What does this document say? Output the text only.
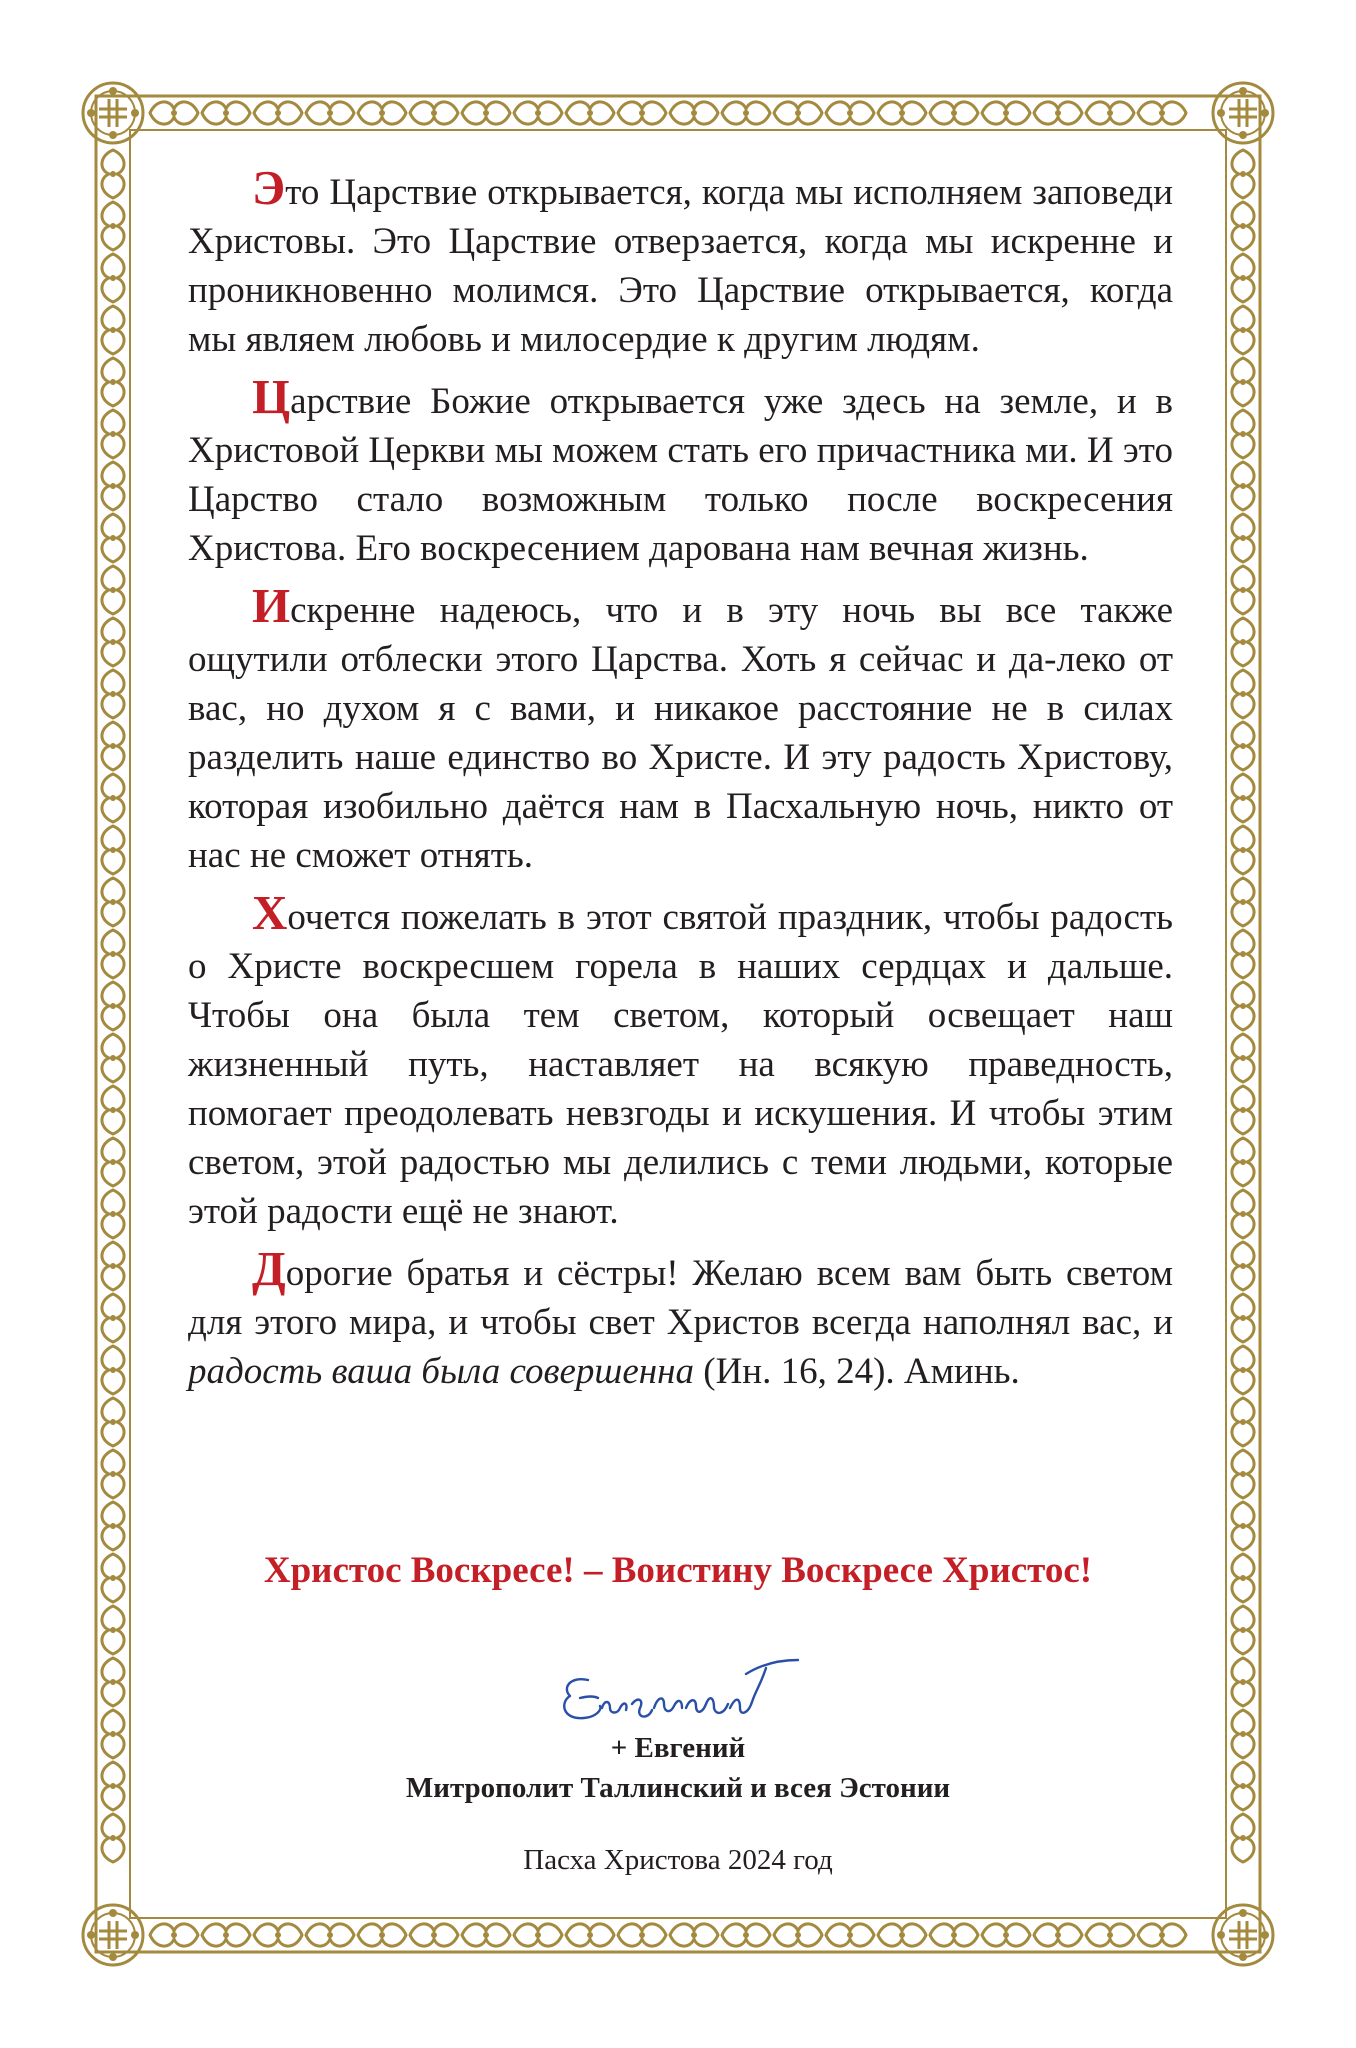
Это Царствие открывается, когда мы исполняем заповеди Христовы. Это Царствие отверзается, когда мы искренне и проникновенно молимся. Это Царствие открывается, когда мы являем любовь и милосердие к другим людям.

Царствие Божие открывается уже здесь на земле, и в Христовой Церкви мы можем стать его причастника ми. И это Царство стало возможным только после воскресения Христова. Его воскресением дарована нам вечная жизнь.

Искренне надеюсь, что и в эту ночь вы все также ощутили отблески этого Царства. Хоть я сейчас и да-леко от вас, но духом я с вами, и никакое расстояние не в силах разделить наше единство во Христе. И эту радость Христову, которая изобильно даётся нам в Пасхальную ночь, никто от нас не сможет отнять.

Хочется пожелать в этот святой праздник, чтобы радость о Христе воскресшем горела в наших сердцах и дальше. Чтобы она была тем светом, который освещает наш жизненный путь, наставляет на всякую праведность, помогает преодолевать невзгоды и искушения. И чтобы этим светом, этой радостью мы делились с теми людьми, которые этой радости ещё не знают.

Дорогие братья и сёстры! Желаю всем вам быть светом для этого мира, и чтобы свет Христов всегда наполнял вас, и радость ваша была совершенна (Ин. 16, 24). Аминь.

Христос Воскресе! – Воистину Воскресе Христос!
+ Евгений
Митрополит Таллинский и всея Эстонии
Пасха Христова 2024 год
